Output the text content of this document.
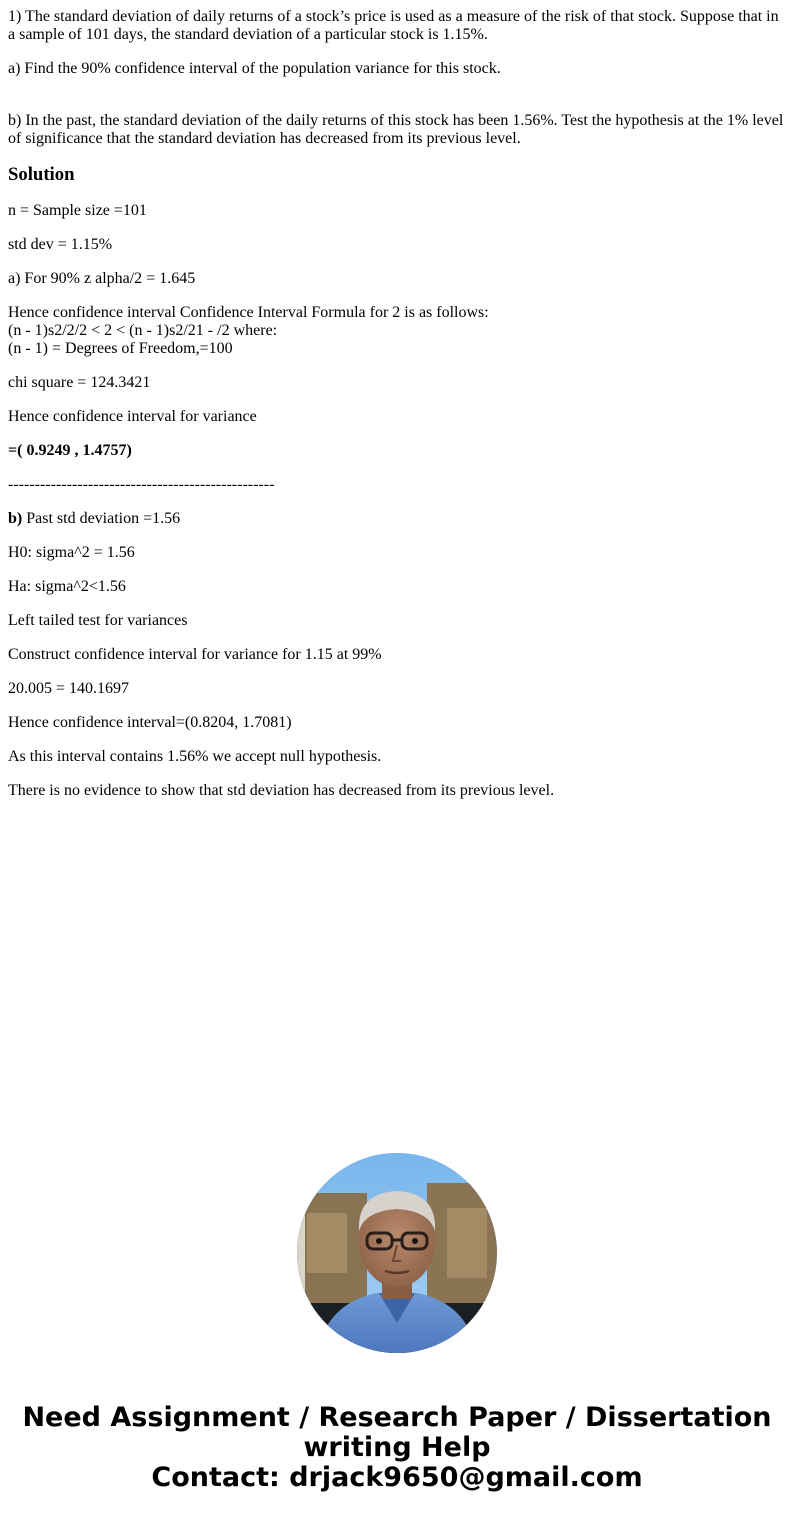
1) The standard deviation of daily returns of a stock’s price is used as a measure of the risk of that stock. Suppose that in a sample of 101 days, the standard deviation of a particular stock is 1.15%.

a) Find the 90% confidence interval of the population variance for this stock.

b) In the past, the standard deviation of the daily returns of this stock has been 1.56%. Test the hypothesis at the 1% level of significance that the standard deviation has decreased from its previous level.

Solution

n = Sample size =101

std dev = 1.15%

a) For 90% z alpha/2 = 1.645

Hence confidence interval Confidence Interval Formula for 2 is as follows:
(n - 1)s2/2/2 < 2 < (n - 1)s2/21 - /2 where:
(n - 1) = Degrees of Freedom,=100

chi square = 124.3421

Hence confidence interval for variance

=( 0.9249 , 1.4757)

--------------------------------------------------

b) Past std deviation =1.56

H0: sigma^2 = 1.56

Ha: sigma^2<1.56

Left tailed test for variances

Construct confidence interval for variance for 1.15 at 99%

20.005 = 140.1697

Hence confidence interval=(0.8204, 1.7081)

As this interval contains 1.56% we accept null hypothesis.

There is no evidence to show that std deviation has decreased from its previous level.

Need Assignment / Research Paper / Dissertation
writing Help
Contact: drjack9650@gmail.com
